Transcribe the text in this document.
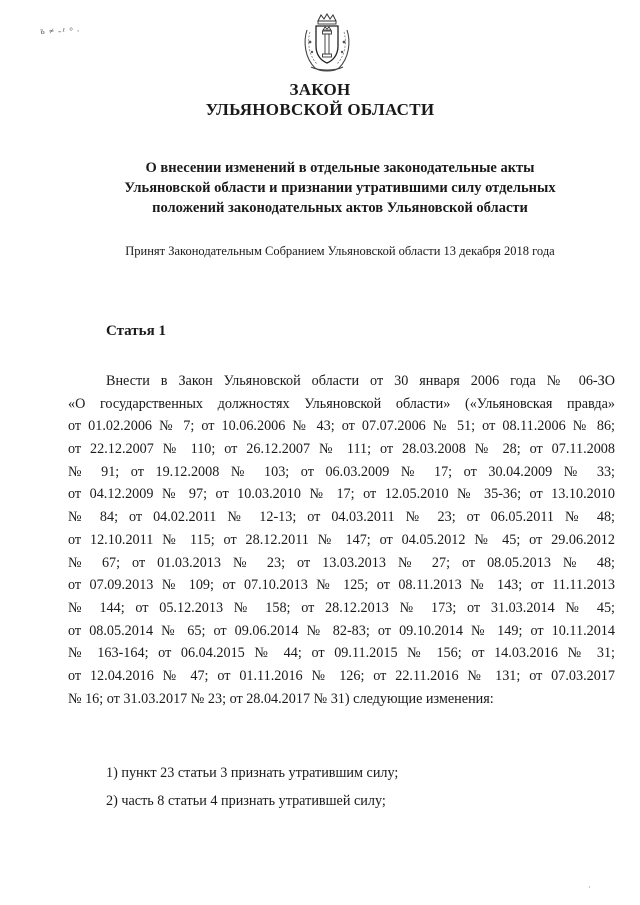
ъ ≠ -¹ ° ·
ЗАКОН
УЛЬЯНОВСКОЙ ОБЛАСТИ
О внесении изменений в отдельные законодательные акты
Ульяновской области и признании утратившими силу отдельных
положений законодательных актов Ульяновской области
Принят Законодательным Собранием Ульяновской области 13 декабря 2018 года
Статья 1
Внести в Закон Ульяновской области от 30 января 2006 года № 06-ЗО
«О государственных должностях Ульяновской области» («Ульяновская правда»
от 01.02.2006 № 7; от 10.06.2006 № 43; от 07.07.2006 № 51; от 08.11.2006 № 86;
от 22.12.2007 № 110; от 26.12.2007 № 111; от 28.03.2008 № 28; от 07.11.2008
№ 91; от 19.12.2008 № 103; от 06.03.2009 № 17; от 30.04.2009 № 33;
от 04.12.2009 № 97; от 10.03.2010 № 17; от 12.05.2010 № 35-36; от 13.10.2010
№ 84; от 04.02.2011 № 12-13; от 04.03.2011 № 23; от 06.05.2011 № 48;
от 12.10.2011 № 115; от 28.12.2011 № 147; от 04.05.2012 № 45; от 29.06.2012
№ 67; от 01.03.2013 № 23; от 13.03.2013 № 27; от 08.05.2013 № 48;
от 07.09.2013 № 109; от 07.10.2013 № 125; от 08.11.2013 № 143; от 11.11.2013
№ 144; от 05.12.2013 № 158; от 28.12.2013 № 173; от 31.03.2014 № 45;
от 08.05.2014 № 65; от 09.06.2014 № 82-83; от 09.10.2014 № 149; от 10.11.2014
№ 163-164; от 06.04.2015 № 44; от 09.11.2015 № 156; от 14.03.2016 № 31;
от 12.04.2016 № 47; от 01.11.2016 № 126; от 22.11.2016 № 131; от 07.03.2017
№ 16; от 31.03.2017 № 23; от 28.04.2017 № 31) следующие изменения:
1) пункт 23 статьи 3 признать утратившим силу;
2) часть 8 статьи 4 признать утратившей силу;
·
